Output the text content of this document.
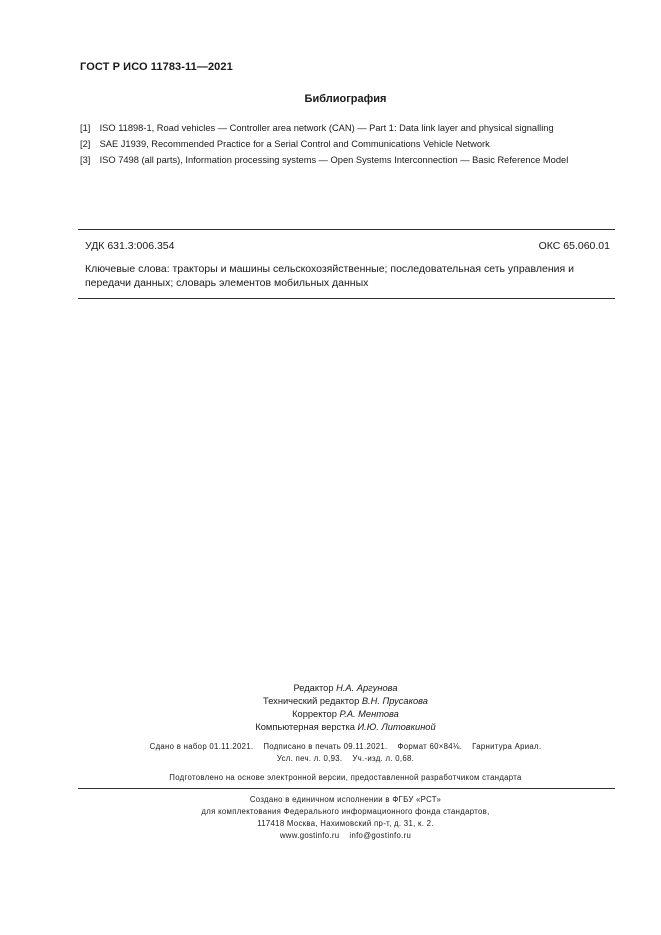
ГОСТ Р ИСО 11783-11—2021
Библиография
[1] ISO 11898-1, Road vehicles — Controller area network (CAN) — Part 1: Data link layer and physical signalling
[2] SAE J1939, Recommended Practice for a Serial Control and Communications Vehicle Network
[3] ISO 7498 (all parts), Information processing systems — Open Systems Interconnection — Basic Reference Model
УДК 631.3:006.354	ОКС 65.060.01
Ключевые слова: тракторы и машины сельскохозяйственные; последовательная сеть управления и передачи данных; словарь элементов мобильных данных
Редактор Н.А. Аргунова
Технический редактор В.Н. Прусакова
Корректор Р.А. Ментова
Компьютерная верстка И.Ю. Литовкиной
Сдано в набор 01.11.2021. Подписано в печать 09.11.2021. Формат 60×84⅛. Гарнитура Ариал.
Усл. печ. л. 0,93. Уч.-изд. л. 0,68.
Подготовлено на основе электронной версии, предоставленной разработчиком стандарта
Создано в единичном исполнении в ФГБУ «РСТ»
для комплектования Федерального информационного фонда стандартов,
117418 Москва, Нахимовский пр-т, д. 31, к. 2.
www.gostinfo.ru info@gostinfo.ru
